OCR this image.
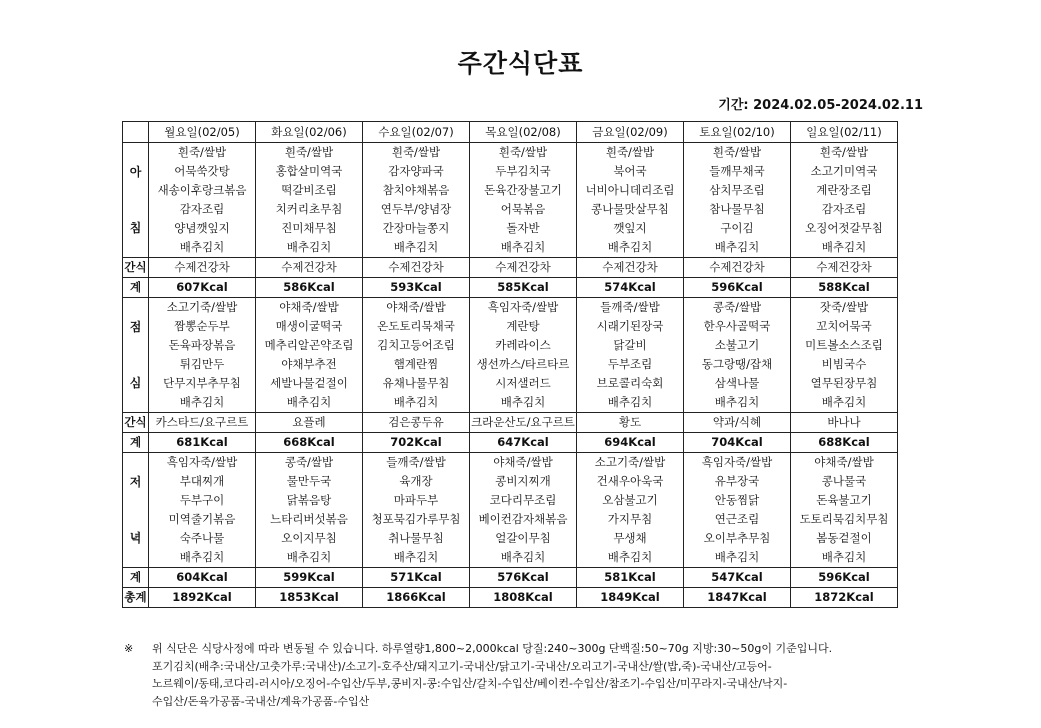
주간식단표
기간: 2024.02.05-2024.02.11
	월요일(02/05)	화요일(02/06)	수요일(02/07)	목요일(02/08)	금요일(02/09)	토요일(02/10)	일요일(02/11)

아
침	흰죽/쌀밥	흰죽/쌀밥	흰죽/쌀밥	흰죽/쌀밥	흰죽/쌀밥	흰죽/쌀밥	흰죽/쌀밥
	어묵쑥갓탕	홍합살미역국	감자양파국	두부김치국	북어국	들깨무채국	소고기미역국
	새송이후랑크볶음	떡갈비조림	참치야채볶음	돈육간장불고기	너비아니데리조림	삼치무조림	계란장조림
	감자조림	치커리초무침	연두부/양념장	어묵볶음	콩나물맛살무침	참나물무침	감자조림
	양념깻잎지	진미채무침	간장마늘쫑지	돌자반	깻잎지	구이김	오징어젓갈무침
	배추김치	배추김치	배추김치	배추김치	배추김치	배추김치	배추김치
간식	수제건강차	수제건강차	수제건강차	수제건강차	수제건강차	수제건강차	수제건강차
계	607Kcal	586Kcal	593Kcal	585Kcal	574Kcal	596Kcal	588Kcal

점
심	소고기죽/쌀밥	야채죽/쌀밥	야채죽/쌀밥	흑임자죽/쌀밥	들깨죽/쌀밥	콩죽/쌀밥	잣죽/쌀밥
	짬뽕순두부	매생이굴떡국	온도토리묵채국	계란탕	시래기된장국	한우사골떡국	꼬치어묵국
	돈육파장볶음	메추리알곤약조림	김치고등어조림	카레라이스	닭갈비	소불고기	미트볼소스조림
	튀김만두	야채부추전	햄계란찜	생선까스/타르타르	두부조림	동그랑땡/잡채	비빔국수
	단무지부추무침	세발나물겉절이	유채나물무침	시저샐러드	브로콜리숙회	삼색나물	열무된장무침
	배추김치	배추김치	배추김치	배추김치	배추김치	배추김치	배추김치
간식	카스타드/요구르트	요플레	검은콩두유	크라운산도/요구르트	황도	약과/식혜	바나나
계	681Kcal	668Kcal	702Kcal	647Kcal	694Kcal	704Kcal	688Kcal

저
녁	흑임자죽/쌀밥	콩죽/쌀밥	들깨죽/쌀밥	야채죽/쌀밥	소고기죽/쌀밥	흑임자죽/쌀밥	야채죽/쌀밥
	부대찌개	물만두국	육개장	콩비지찌개	건새우아욱국	유부장국	콩나물국
	두부구이	닭볶음탕	마파두부	코다리무조림	오삼불고기	안동찜닭	돈육불고기
	미역줄기볶음	느타리버섯볶음	청포묵김가루무침	베이컨감자채볶음	가지무침	연근조림	도토리묵김치무침
	숙주나물	오이지무침	취나물무침	얼갈이무침	무생채	오이부추무침	봄동겉절이
	배추김치	배추김치	배추김치	배추김치	배추김치	배추김치	배추김치
계	604Kcal	599Kcal	571Kcal	576Kcal	581Kcal	547Kcal	596Kcal
총계	1892Kcal	1853Kcal	1866Kcal	1808Kcal	1849Kcal	1847Kcal	1872Kcal
※ 위 식단은 식당사정에 따라 변동될 수 있습니다. 하루열량1,800~2,000kcal 당질:240~300g 단백질:50~70g 지방:30~50g이 기준입니다.
포기김치(배추:국내산/고춧가루:국내산)/소고기-호주산/돼지고기-국내산/닭고기-국내산/오리고기-국내산/쌀(밥,죽)-국내산/고등어-
노르웨이/동태,코다리-러시아/오징어-수입산/두부,콩비지-콩:수입산/갈치-수입산/베이컨-수입산/참조기-수입산/미꾸라지-국내산/낙지-
수입산/돈육가공품-국내산/계육가공품-수입산
